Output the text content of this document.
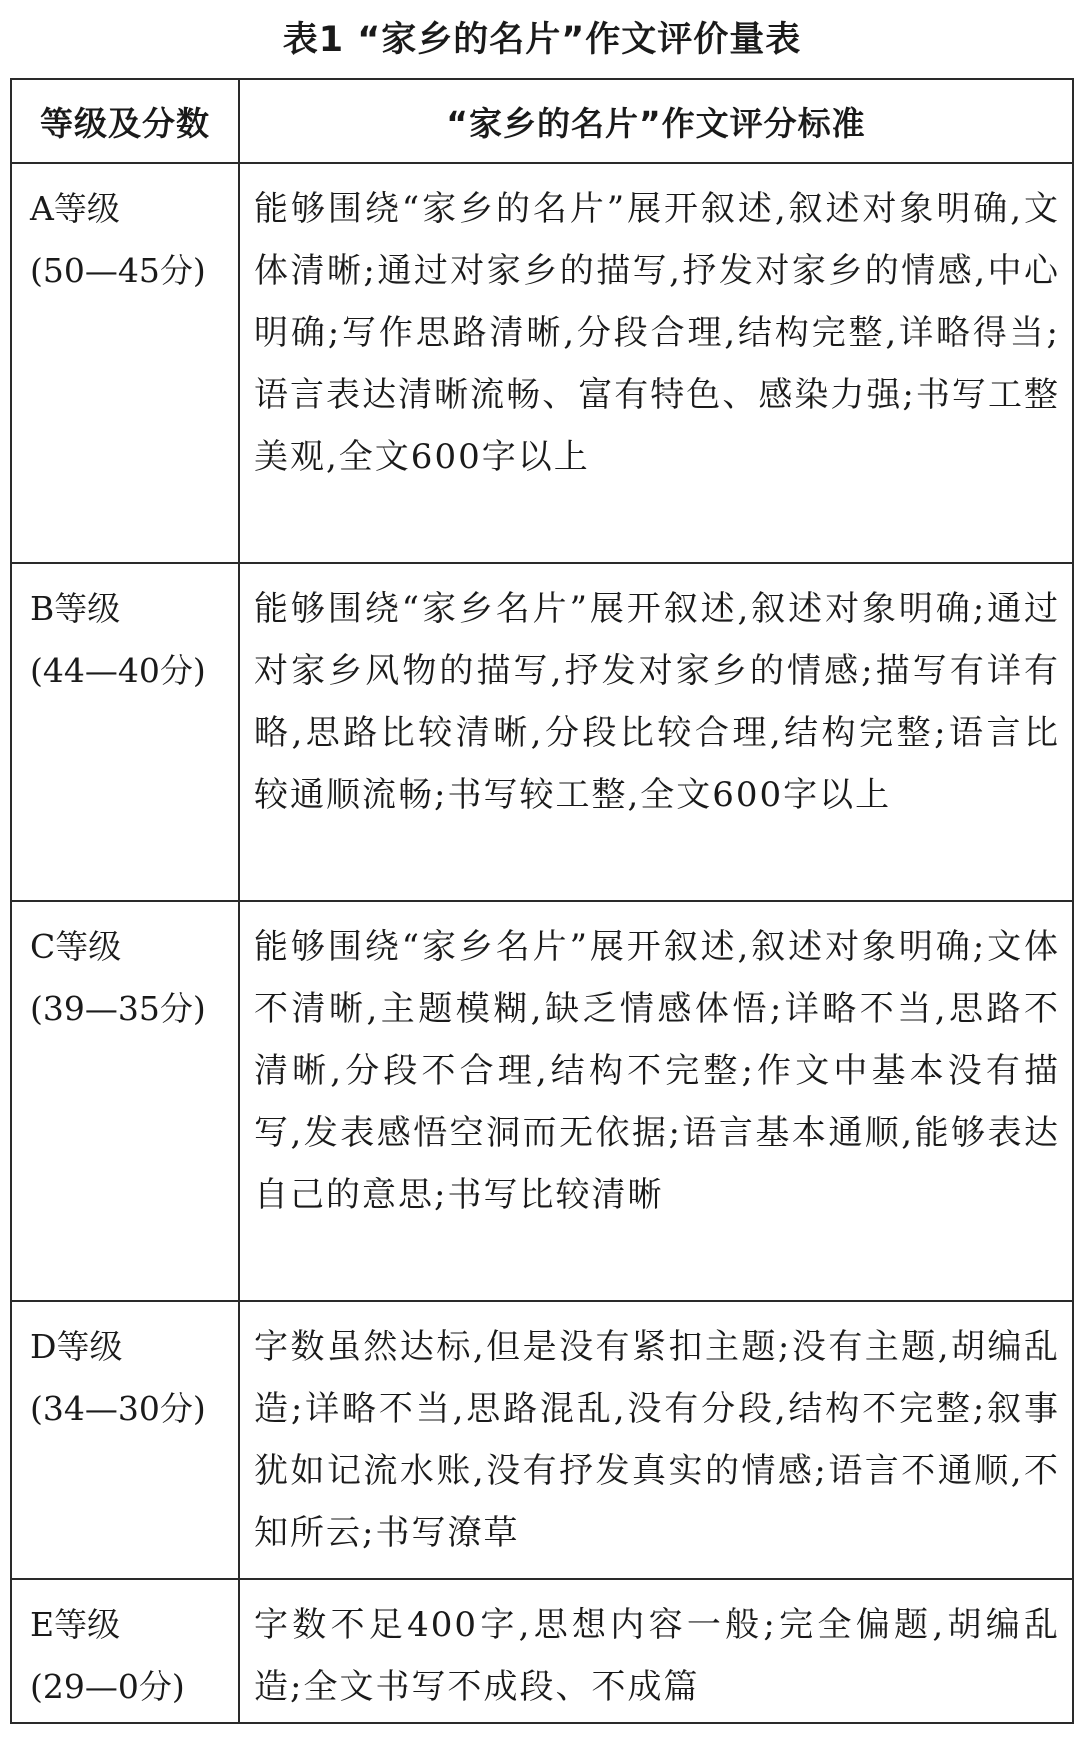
表1 “家乡的名片”作文评价量表
等级及分数	“家乡的名片”作文评分标准

A等级
(50—45分)	能够围绕“家乡的名片”展开叙述,叙述对象明确,文体清晰;通过对家乡的描写,抒发对家乡的情感,中心明确;写作思路清晰,分段合理,结构完整,详略得当;语言表达清晰流畅、富有特色、感染力强;书写工整美观,全文600字以上

B等级
(44—40分)	能够围绕“家乡名片”展开叙述,叙述对象明确;通过对家乡风物的描写,抒发对家乡的情感;描写有详有略,思路比较清晰,分段比较合理,结构完整;语言比较通顺流畅;书写较工整,全文600字以上

C等级
(39—35分)	能够围绕“家乡名片”展开叙述,叙述对象明确;文体不清晰,主题模糊,缺乏情感体悟;详略不当,思路不清晰,分段不合理,结构不完整;作文中基本没有描写,发表感悟空洞而无依据;语言基本通顺,能够表达自己的意思;书写比较清晰

D等级
(34—30分)	字数虽然达标,但是没有紧扣主题;没有主题,胡编乱造;详略不当,思路混乱,没有分段,结构不完整;叙事犹如记流水账,没有抒发真实的情感;语言不通顺,不知所云;书写潦草

E等级
(29—0分)	字数不足400字,思想内容一般;完全偏题,胡编乱造;全文书写不成段、不成篇
